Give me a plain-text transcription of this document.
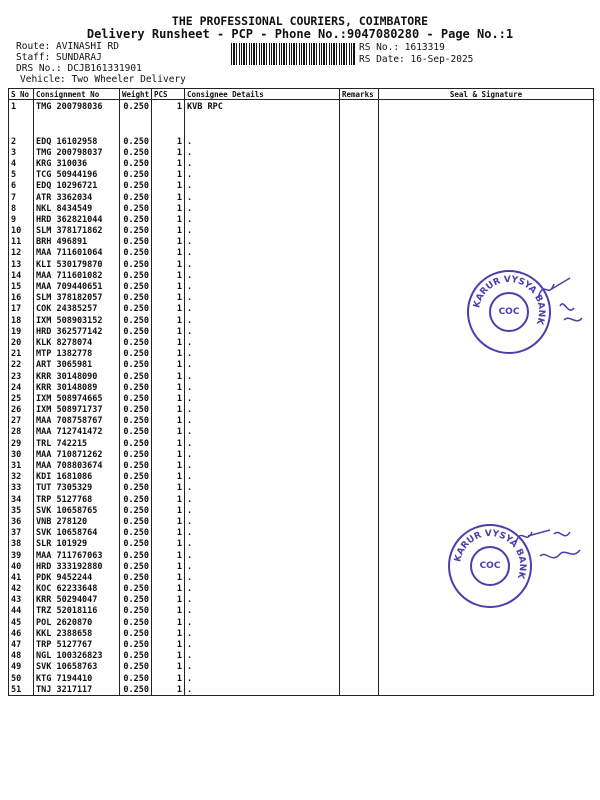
THE PROFESSIONAL COURIERS, COIMBATORE
Delivery Runsheet - PCP - Phone No.:9047080280 - Page No.:1
Route: AVINASHI RD
Staff: SUNDARAJ
DRS No.: DCJB161331901
Vehicle: Two Wheeler Delivery
RS No.: 1613319
RS Date: 16-Sep-2025
S No	Consignment No	Weight	PCS	Consignee Details	Remarks	Seal & Signature
1	TMG 200798036	0.250	1	KVB RPC		
2	EDQ 16102958	0.250	1	.		
3	TMG 200798037	0.250	1	.		
4	KRG 310036	0.250	1	.		
5	TCG 50944196	0.250	1	.		
6	EDQ 10296721	0.250	1	.		
7	ATR 3362034	0.250	1	.		
8	NKL 8434549	0.250	1	.		
9	HRD 362821044	0.250	1	.		
10	SLM 378171862	0.250	1	.		
11	BRH 496891	0.250	1	.		
12	MAA 711601064	0.250	1	.		
13	KLI 530179870	0.250	1	.		
14	MAA 711601082	0.250	1	.		
15	MAA 709440651	0.250	1	.		
16	SLM 378182057	0.250	1	.		
17	COK 24385257	0.250	1	.		
18	IXM 508903152	0.250	1	.		
19	HRD 362577142	0.250	1	.		
20	KLK 8278074	0.250	1	.		
21	MTP 1382778	0.250	1	.		
22	ART 3065981	0.250	1	.		
23	KRR 30148090	0.250	1	.		
24	KRR 30148089	0.250	1	.		
25	IXM 508974665	0.250	1	.		
26	IXM 508971737	0.250	1	.		
27	MAA 708758767	0.250	1	.		
28	MAA 712741472	0.250	1	.		
29	TRL 742215	0.250	1	.		
30	MAA 710871262	0.250	1	.		
31	MAA 708803674	0.250	1	.		
32	KDI 1681086	0.250	1	.		
33	TUT 7305329	0.250	1	.		
34	TRP 5127768	0.250	1	.		
35	SVK 10658765	0.250	1	.		
36	VNB 278120	0.250	1	.		
37	SVK 10658764	0.250	1	.		
38	SLR 101929	0.250	1	.		
39	MAA 711767063	0.250	1	.		
40	HRD 333192880	0.250	1	.		
41	PDK 9452244	0.250	1	.		
42	KOC 62233648	0.250	1	.		
43	KRR 50294047	0.250	1	.		
44	TRZ 52018116	0.250	1	.		
45	POL 2620870	0.250	1	.		
46	KKL 2388658	0.250	1	.		
47	TRP 5127767	0.250	1	.		
48	NGL 100326823	0.250	1	.		
49	SVK 10658763	0.250	1	.		
50	KTG 7194410	0.250	1	.		
51	TNJ 3217117	0.250	1	.		
KARUR VYSYA BANK
COC
KARUR VYSYA BANK
COC
